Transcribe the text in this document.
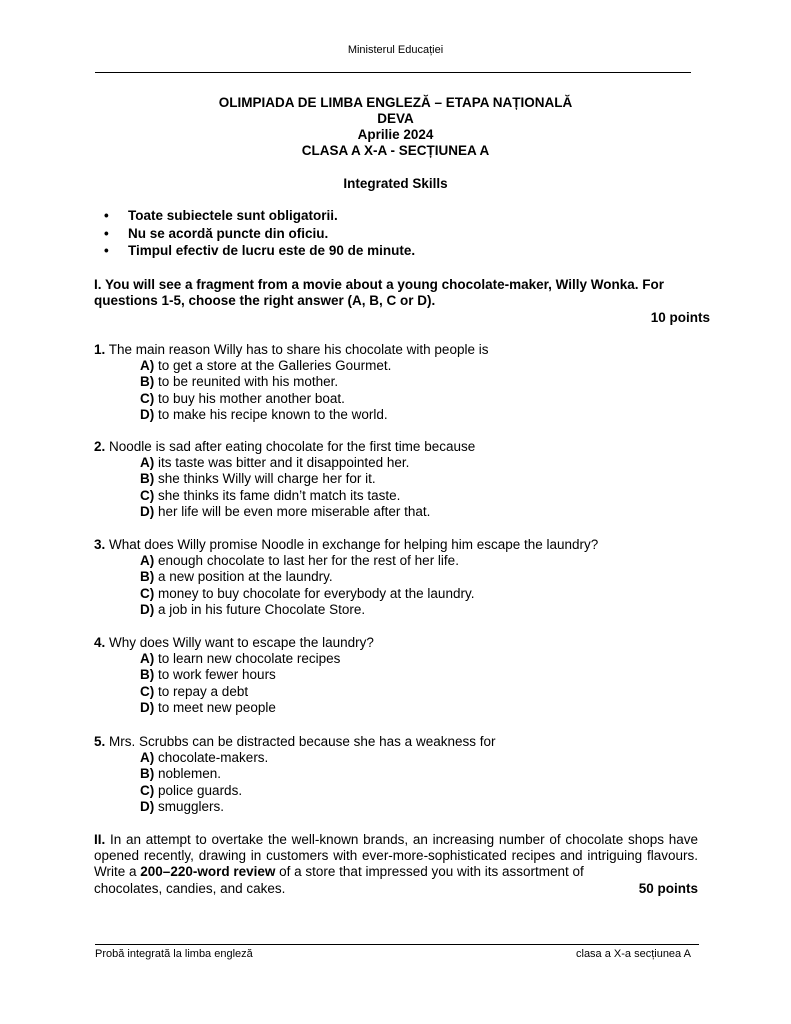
Ministerul Educației
OLIMPIADA DE LIMBA ENGLEZĂ – ETAPA NAȚIONALĂ
DEVA
Aprilie 2024
CLASA A X-A - SECȚIUNEA A
Integrated Skills
• Toate subiectele sunt obligatorii.
• Nu se acordă puncte din oficiu.
• Timpul efectiv de lucru este de 90 de minute.
I. You will see a fragment from a movie about a young chocolate-maker, Willy Wonka. For questions 1-5, choose the right answer (A, B, C or D).
10 points
1. The main reason Willy has to share his chocolate with people is
A) to get a store at the Galleries Gourmet.
B) to be reunited with his mother.
C) to buy his mother another boat.
D) to make his recipe known to the world.
2. Noodle is sad after eating chocolate for the first time because
A) its taste was bitter and it disappointed her.
B) she thinks Willy will charge her for it.
C) she thinks its fame didn’t match its taste.
D) her life will be even more miserable after that.
3. What does Willy promise Noodle in exchange for helping him escape the laundry?
A) enough chocolate to last her for the rest of her life.
B) a new position at the laundry.
C) money to buy chocolate for everybody at the laundry.
D) a job in his future Chocolate Store.
4. Why does Willy want to escape the laundry?
A) to learn new chocolate recipes
B) to work fewer hours
C) to repay a debt
D) to meet new people
5. Mrs. Scrubbs can be distracted because she has a weakness for
A) chocolate-makers.
B) noblemen.
C) police guards.
D) smugglers.
II. In an attempt to overtake the well-known brands, an increasing number of chocolate shops have opened recently, drawing in customers with ever-more-sophisticated recipes and intriguing flavours. Write a 200–220-word review of a store that impressed you with its assortment of
chocolates, candies, and cakes.	50 points
Probă integrată la limba engleză	clasa a X-a secțiunea A
